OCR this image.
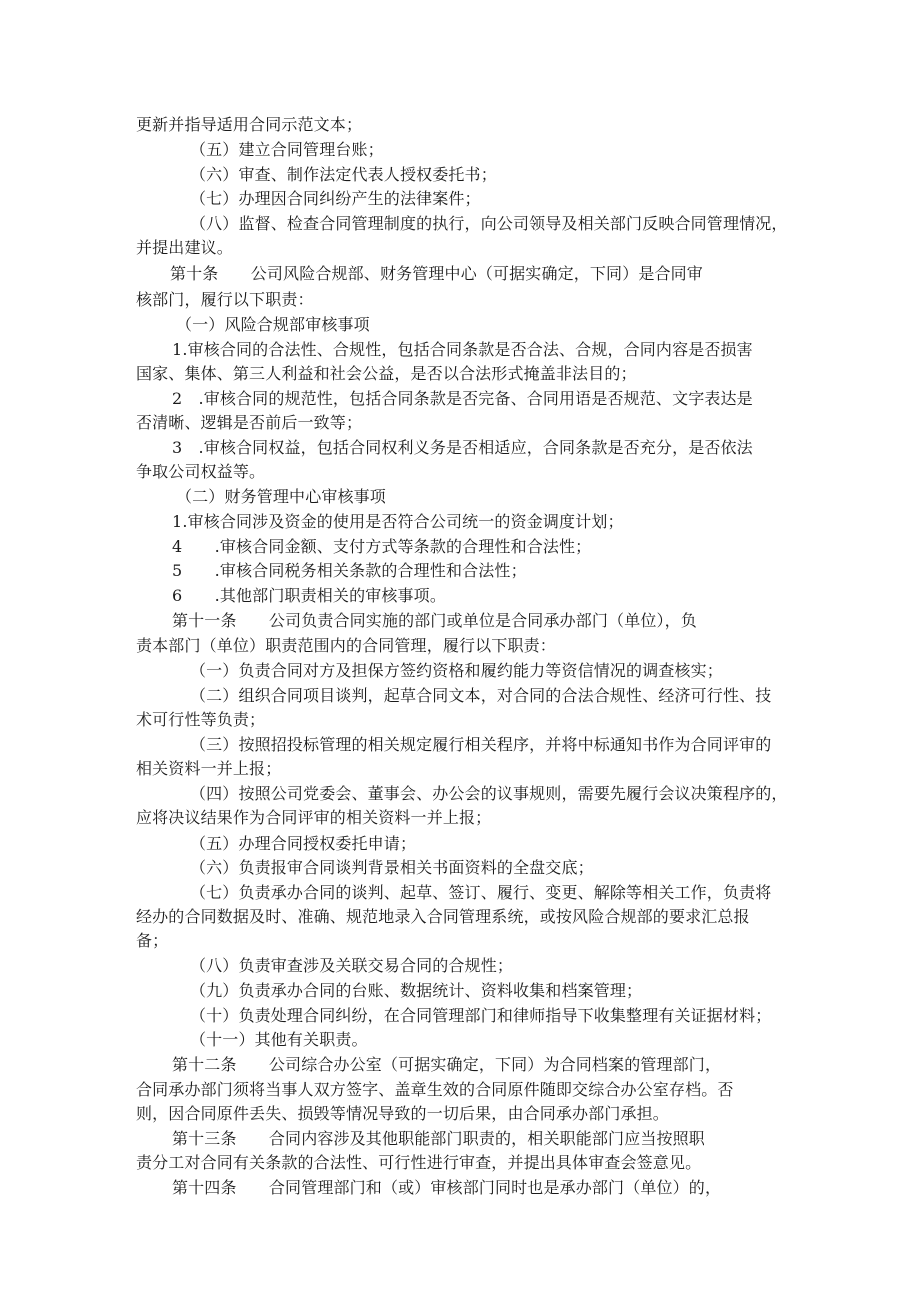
更新并指导适用合同示范文本；
（五）建立合同管理台账；
（六）审查、制作法定代表人授权委托书；
（七）办理因合同纠纷产生的法律案件；
（八）监督、检查合同管理制度的执行，向公司领导及相关部门反映合同管理情况，
并提出建议。
第十条　　公司风险合规部、财务管理中心（可据实确定，下同）是合同审
核部门，履行以下职责：
（一）风险合规部审核事项
1.审核合同的合法性、合规性，包括合同条款是否合法、合规，合同内容是否损害
国家、集体、第三人利益和社会公益，是否以合法形式掩盖非法目的；
2　.审核合同的规范性，包括合同条款是否完备、合同用语是否规范、文字表达是
否清晰、逻辑是否前后一致等；
3　.审核合同权益，包括合同权利义务是否相适应，合同条款是否充分，是否依法
争取公司权益等。
（二）财务管理中心审核事项
1.审核合同涉及资金的使用是否符合公司统一的资金调度计划；
4　　.审核合同金额、支付方式等条款的合理性和合法性；
5　　.审核合同税务相关条款的合理性和合法性；
6　　.其他部门职责相关的审核事项。
第十一条　　公司负责合同实施的部门或单位是合同承办部门（单位），负
责本部门（单位）职责范围内的合同管理，履行以下职责：
（一）负责合同对方及担保方签约资格和履约能力等资信情况的调查核实；
（二）组织合同项目谈判，起草合同文本，对合同的合法合规性、经济可行性、技
术可行性等负责；
（三）按照招投标管理的相关规定履行相关程序，并将中标通知书作为合同评审的
相关资料一并上报；
（四）按照公司党委会、董事会、办公会的议事规则，需要先履行会议决策程序的，
应将决议结果作为合同评审的相关资料一并上报；
（五）办理合同授权委托申请；
（六）负责报审合同谈判背景相关书面资料的全盘交底；
（七）负责承办合同的谈判、起草、签订、履行、变更、解除等相关工作，负责将
经办的合同数据及时、准确、规范地录入合同管理系统，或按风险合规部的要求汇总报
备；
（八）负责审查涉及关联交易合同的合规性；
（九）负责承办合同的台账、数据统计、资料收集和档案管理；
（十）负责处理合同纠纷，在合同管理部门和律师指导下收集整理有关证据材料；
（十一）其他有关职责。
第十二条　　公司综合办公室（可据实确定，下同）为合同档案的管理部门，
合同承办部门须将当事人双方签字、盖章生效的合同原件随即交综合办公室存档。否
则，因合同原件丢失、损毁等情况导致的一切后果，由合同承办部门承担。
第十三条　　合同内容涉及其他职能部门职责的，相关职能部门应当按照职
责分工对合同有关条款的合法性、可行性进行审查，并提出具体审查会签意见。
第十四条　　合同管理部门和（或）审核部门同时也是承办部门（单位）的，
